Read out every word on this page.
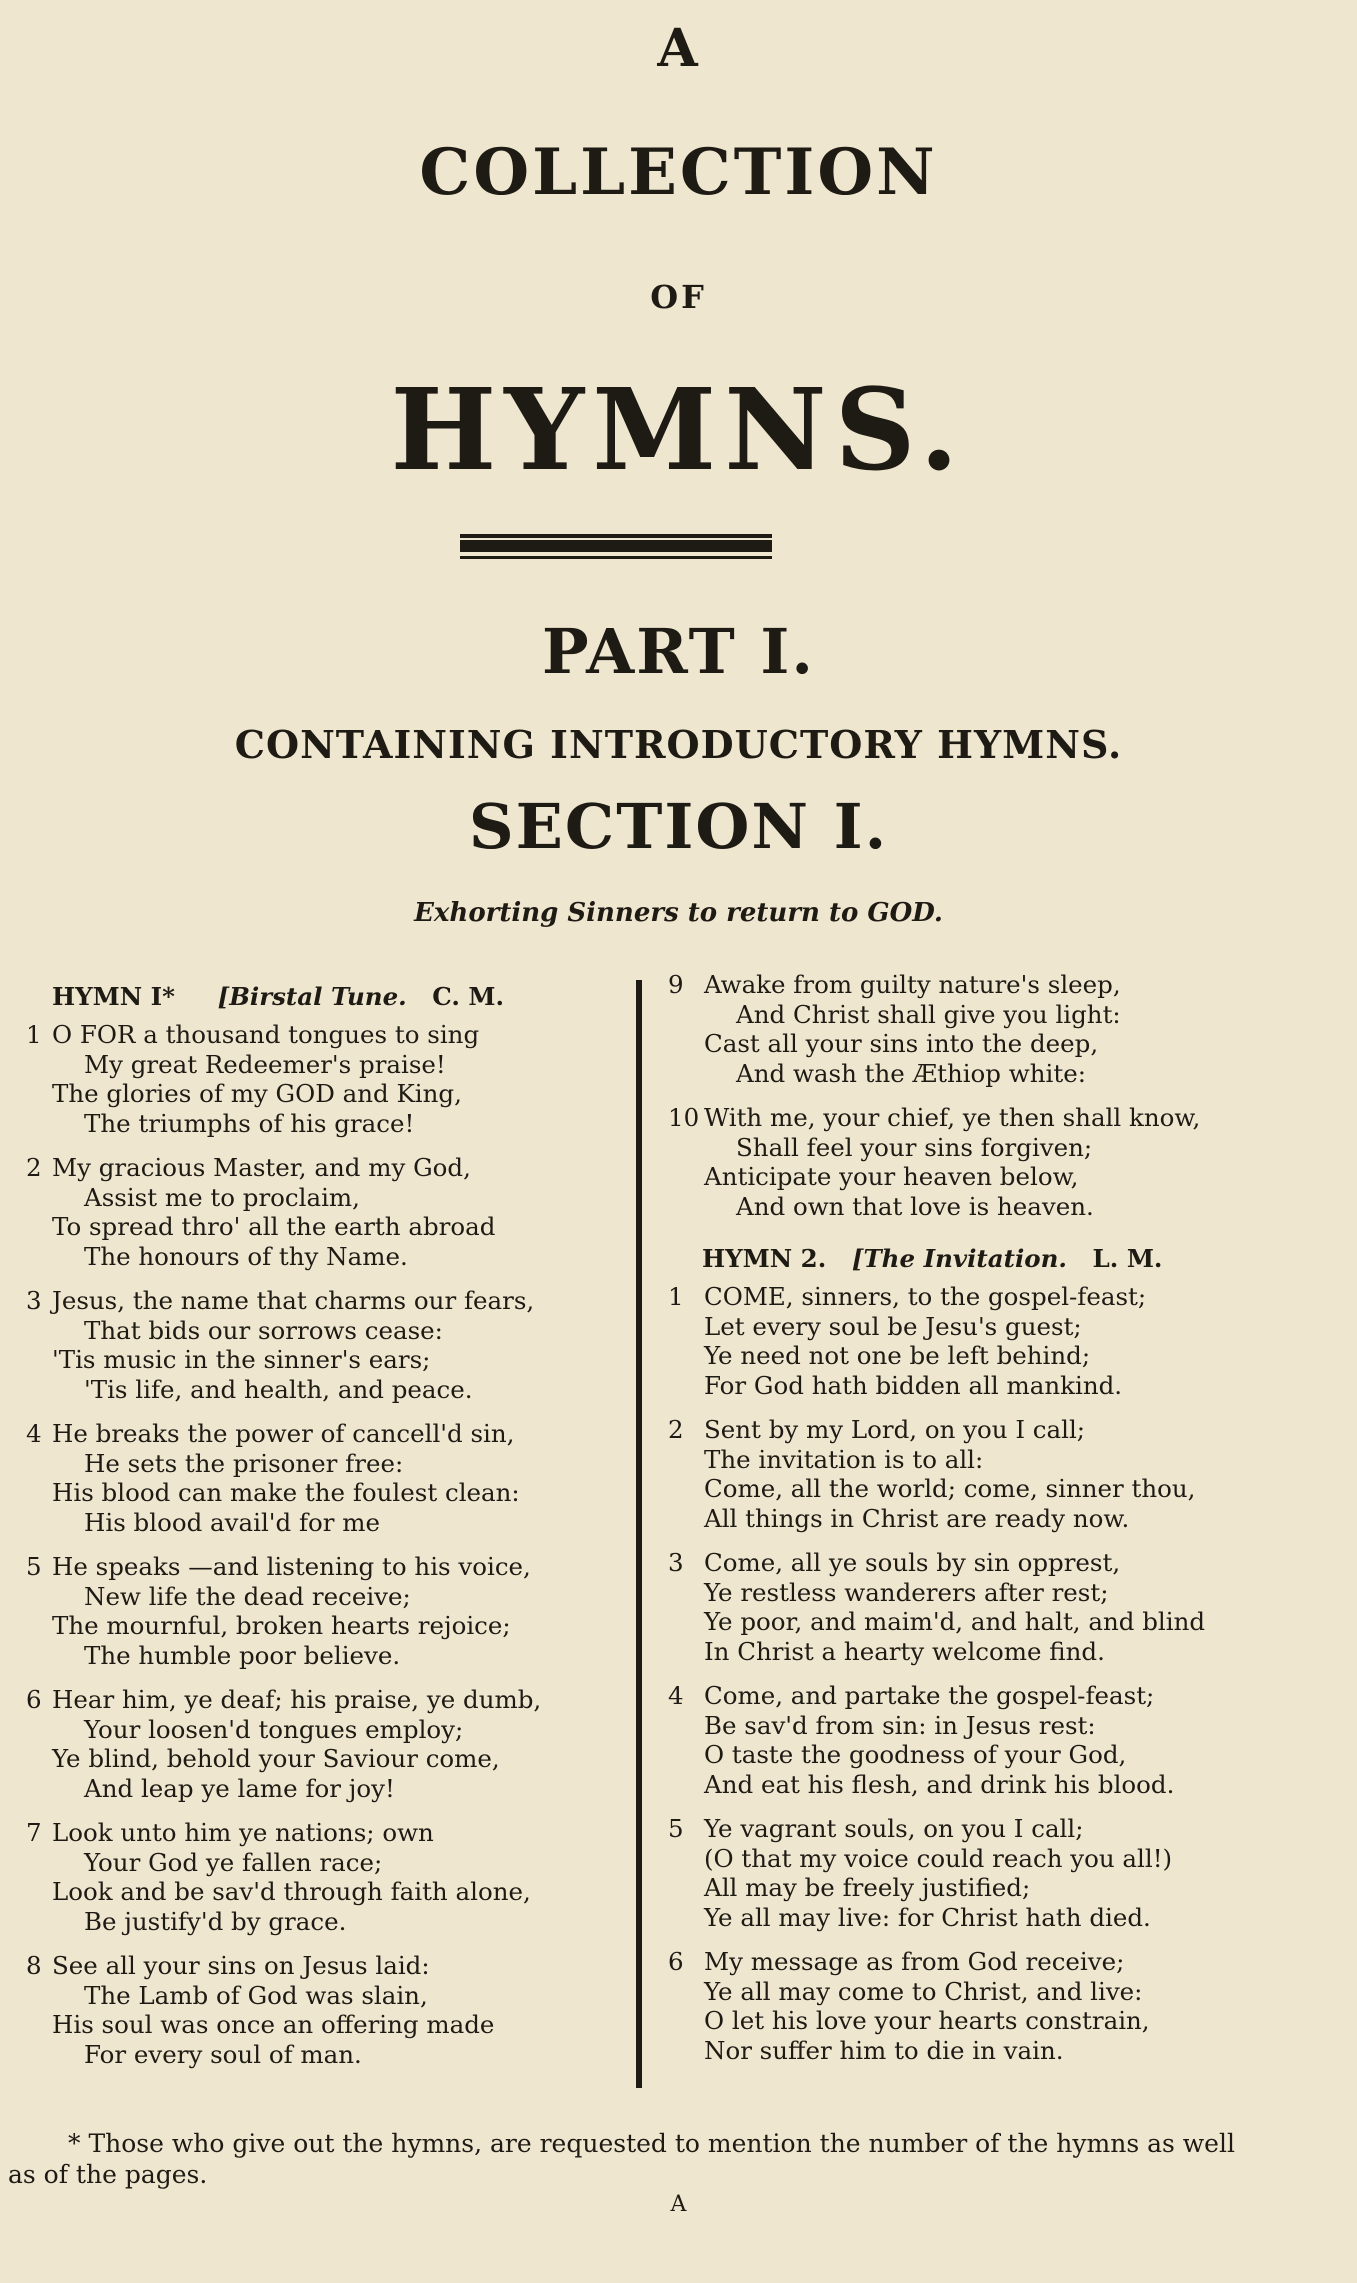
A
COLLECTION
OF
HYMNS.
PART I.
CONTAINING INTRODUCTORY HYMNS.
SECTION I.
Exhorting Sinners to return to GOD.
HYMN I* [Birstal Tune. C. M.
1 O FOR a thousand tongues to sing
My great Redeemer's praise!
The glories of my GOD and King,
The triumphs of his grace!
2 My gracious Master, and my God,
Assist me to proclaim,
To spread thro' all the earth abroad
The honours of thy Name.
3 Jesus, the name that charms our fears,
That bids our sorrows cease:
'Tis music in the sinner's ears;
'Tis life, and health, and peace.
4 He breaks the power of cancell'd sin,
He sets the prisoner free:
His blood can make the foulest clean:
His blood avail'd for me
5 He speaks —and listening to his voice,
New life the dead receive;
The mournful, broken hearts rejoice;
The humble poor believe.
6 Hear him, ye deaf; his praise, ye dumb,
Your loosen'd tongues employ;
Ye blind, behold your Saviour come,
And leap ye lame for joy!
7 Look unto him ye nations; own
Your God ye fallen race;
Look and be sav'd through faith alone,
Be justify'd by grace.
8 See all your sins on Jesus laid:
The Lamb of God was slain,
His soul was once an offering made
For every soul of man.
9 Awake from guilty nature's sleep,
And Christ shall give you light:
Cast all your sins into the deep,
And wash the Æthiop white:
10 With me, your chief, ye then shall know,
Shall feel your sins forgiven;
Anticipate your heaven below,
And own that love is heaven.
HYMN 2. [The Invitation. L. M.
1 COME, sinners, to the gospel-feast;
Let every soul be Jesu's guest;
Ye need not one be left behind;
For God hath bidden all mankind.
2 Sent by my Lord, on you I call;
The invitation is to all:
Come, all the world; come, sinner thou,
All things in Christ are ready now.
3 Come, all ye souls by sin opprest,
Ye restless wanderers after rest;
Ye poor, and maim'd, and halt, and blind
In Christ a hearty welcome find.
4 Come, and partake the gospel-feast;
Be sav'd from sin: in Jesus rest:
O taste the goodness of your God,
And eat his flesh, and drink his blood.
5 Ye vagrant souls, on you I call;
(O that my voice could reach you all!)
All may be freely justified;
Ye all may live: for Christ hath died.
6 My message as from God receive;
Ye all may come to Christ, and live:
O let his love your hearts constrain,
Nor suffer him to die in vain.
* Those who give out the hymns, are requested to mention the number of the hymns as well
as of the pages.
A
